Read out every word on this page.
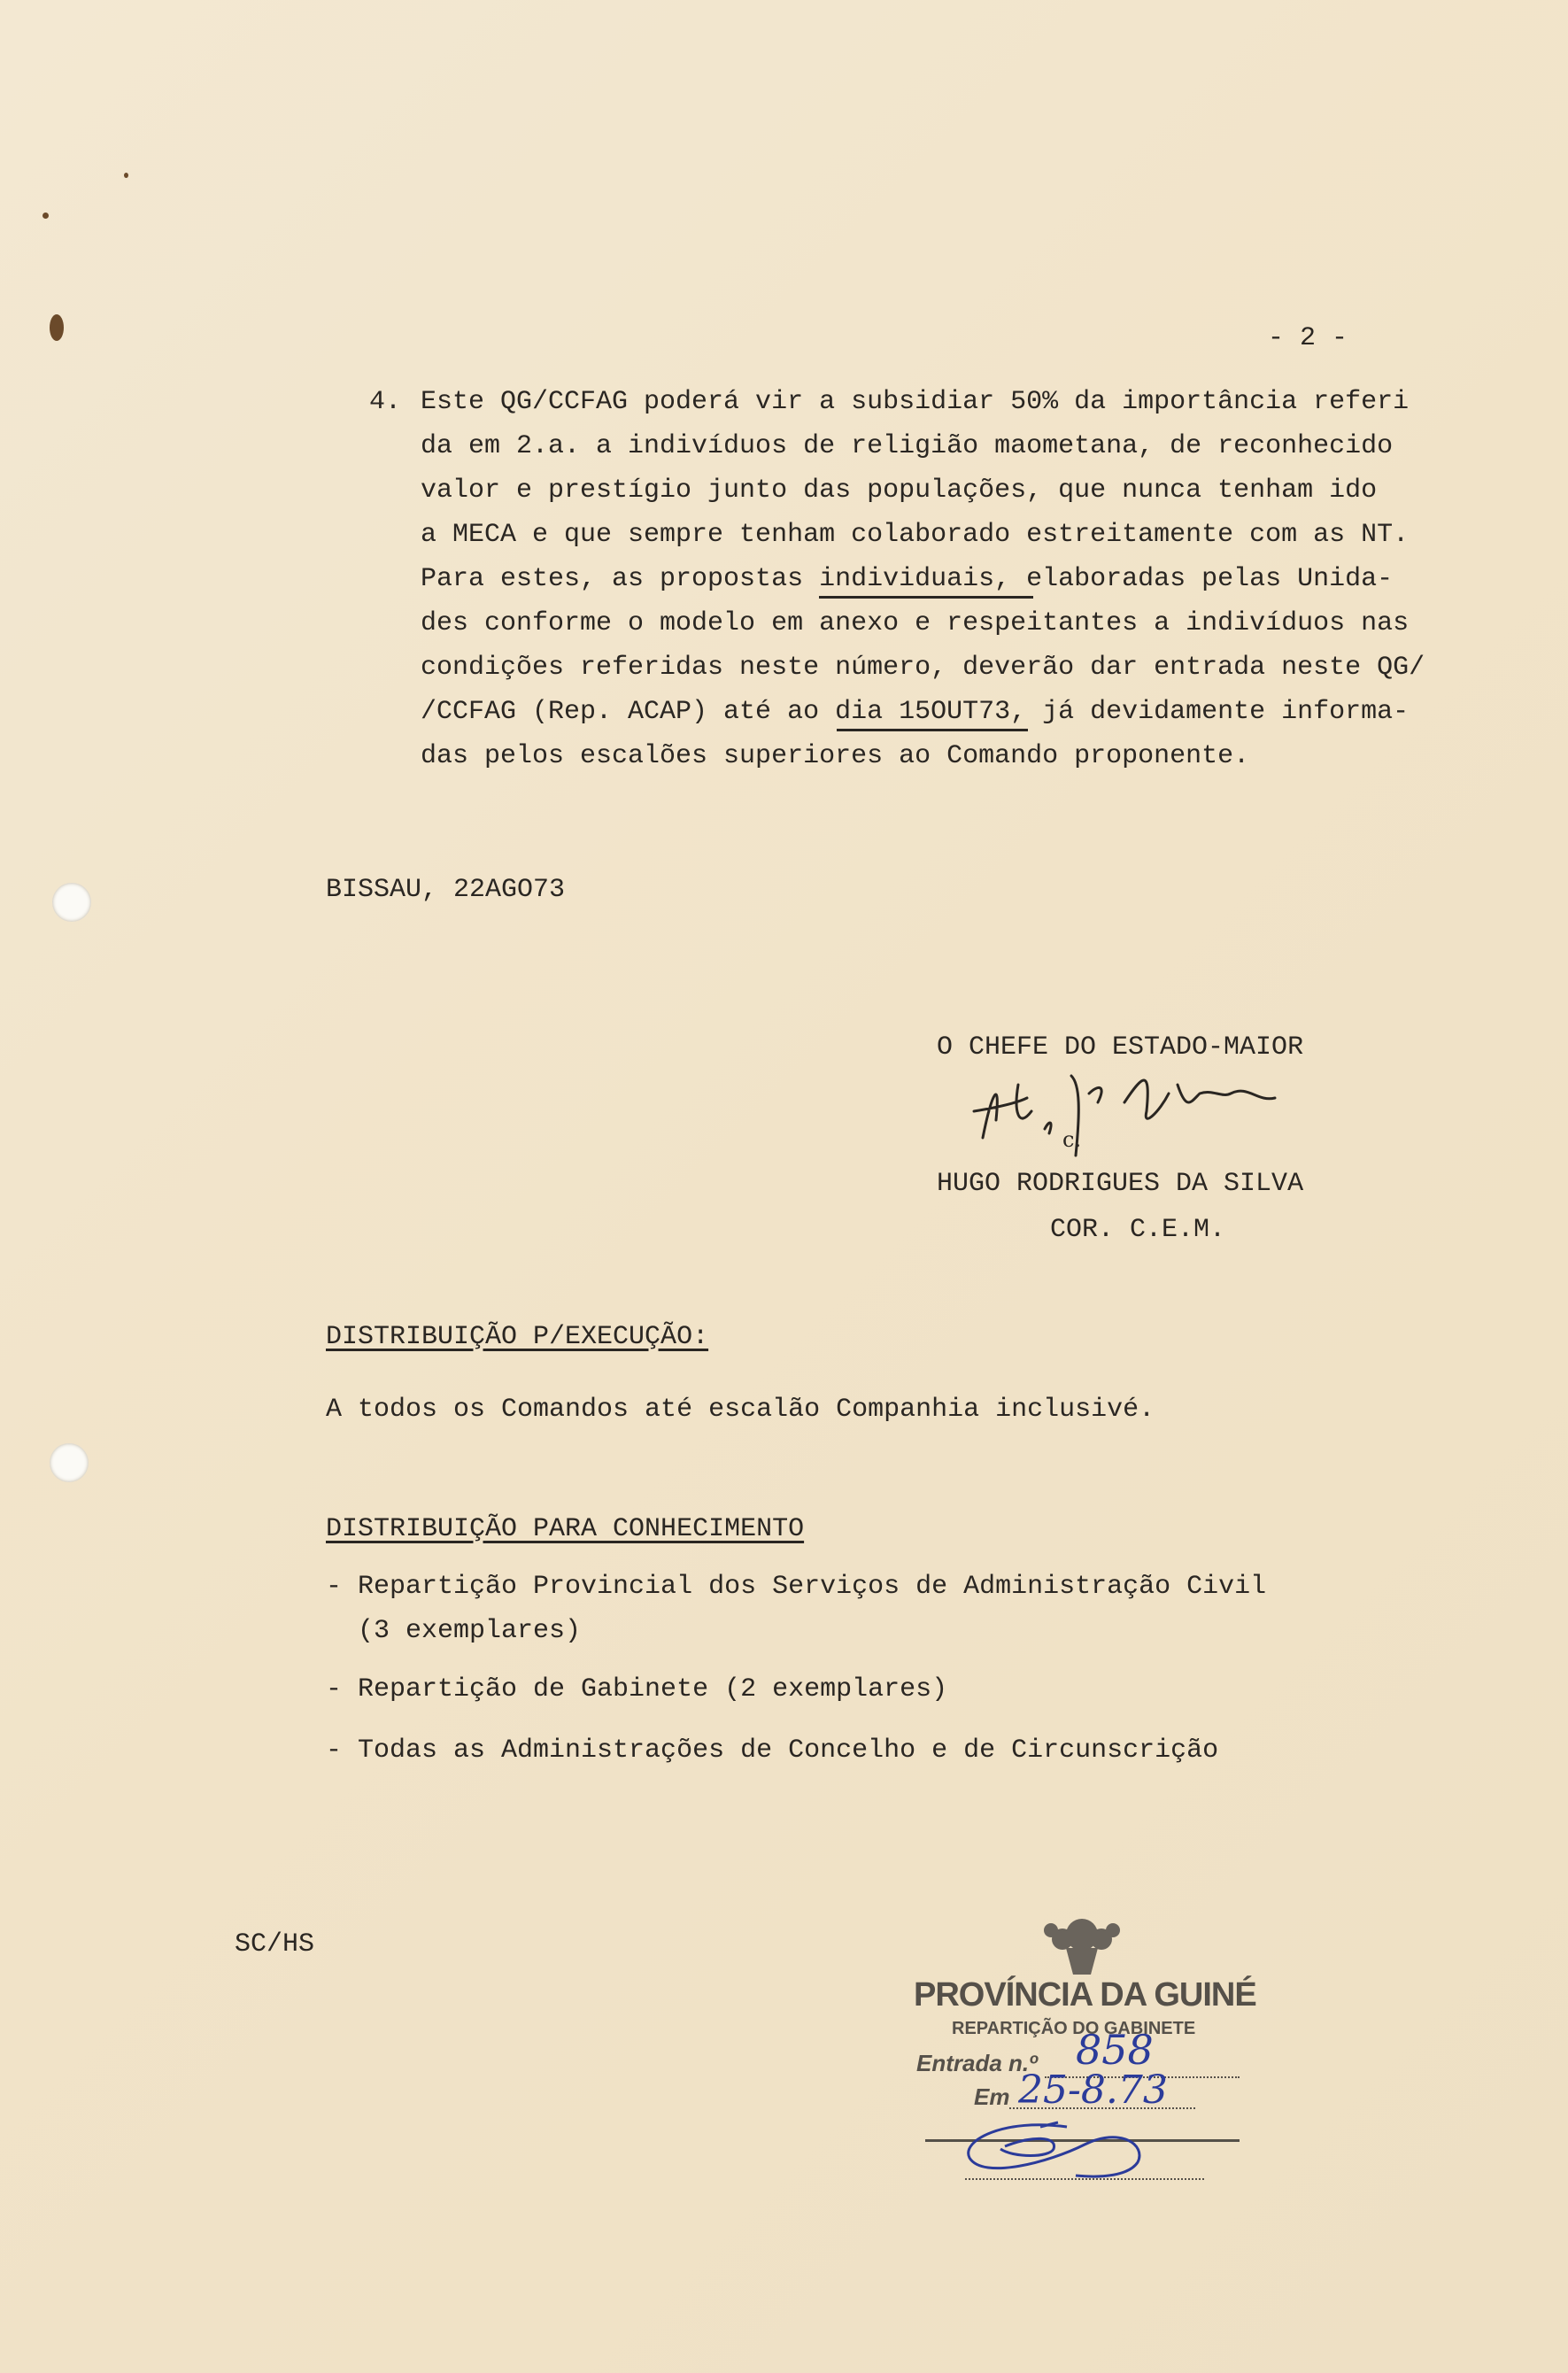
- 2 -
4. Este QG/CCFAG poderá vir a subsidiar 50% da importância referi
da em 2.a. a indivíduos de religião maometana, de reconhecido
valor e prestígio junto das populações, que nunca tenham ido
a MECA e que sempre tenham colaborado estreitamente com as NT.
Para estes, as propostas individuais, elaboradas pelas Unida-
des conforme o modelo em anexo e respeitantes a indivíduos nas
condições referidas neste número, deverão dar entrada neste QG/
/CCFAG (Rep. ACAP) até ao dia 15OUT73, já devidamente informa-
das pelos escalões superiores ao Comando proponente.
BISSAU, 22AGO73
O CHEFE DO ESTADO-MAIOR
c.
HUGO RODRIGUES DA SILVA
COR. C.E.M.
DISTRIBUIÇÃO P/EXECUÇÃO:
A todos os Comandos até escalão Companhia inclusivé.
DISTRIBUIÇÃO PARA CONHECIMENTO
- Repartição Provincial dos Serviços de Administração Civil
(3 exemplares)
- Repartição de Gabinete (2 exemplares)
- Todas as Administrações de Concelho e de Circunscrição
SC/HS
PROVÍNCIA DA GUINÉ
REPARTIÇÃO DO GABINETE
Entrada n.º 858
Em 25-8.73
